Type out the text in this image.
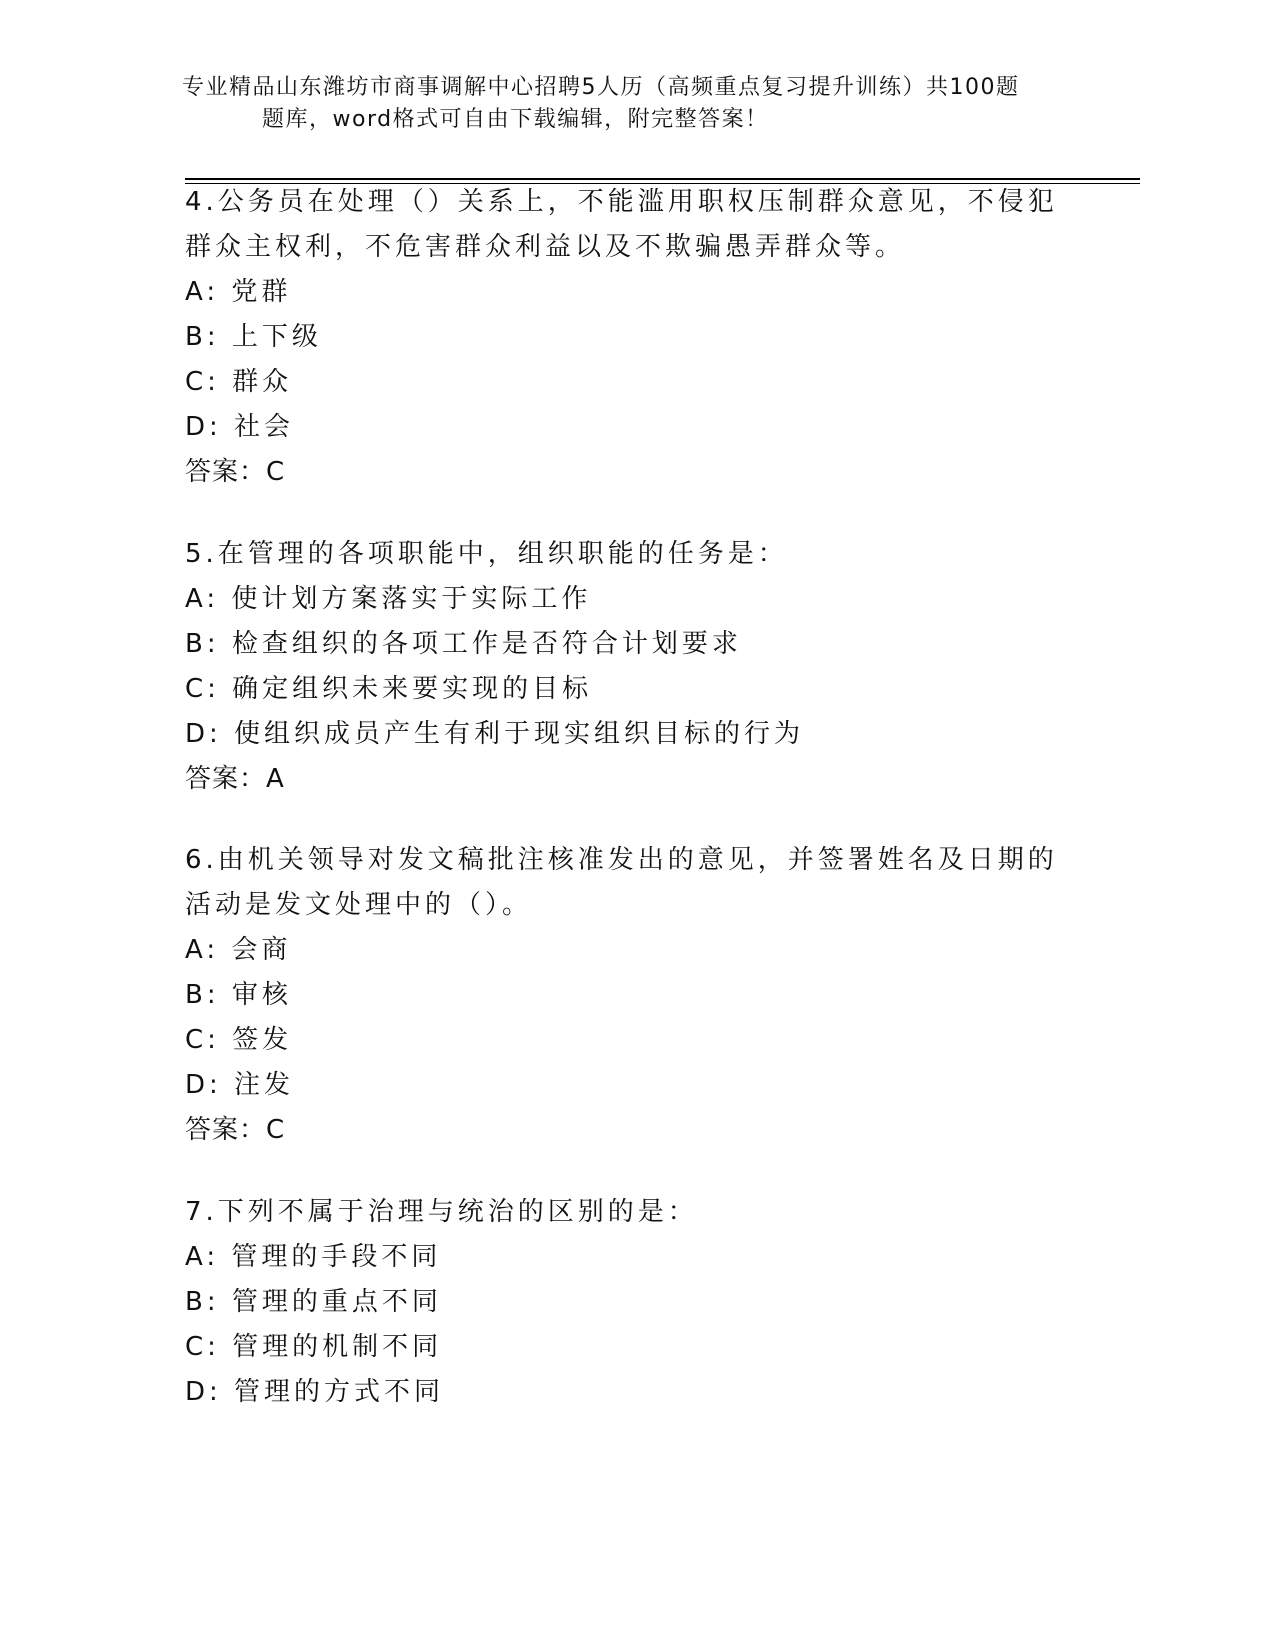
专业精品山东潍坊市商事调解中心招聘5人历（高频重点复习提升训练）共100题
题库，word格式可自由下载编辑，附完整答案！
4.公务员在处理（）关系上，不能滥用职权压制群众意见，不侵犯群众主权利，不危害群众利益以及不欺骗愚弄群众等。
A: 党群
B: 上下级
C: 群众
D: 社会
答案：C
5.在管理的各项职能中，组织职能的任务是：
A: 使计划方案落实于实际工作
B: 检查组织的各项工作是否符合计划要求
C: 确定组织未来要实现的目标
D: 使组织成员产生有利于现实组织目标的行为
答案：A
6.由机关领导对发文稿批注核准发出的意见，并签署姓名及日期的活动是发文处理中的（）。
A: 会商
B: 审核
C: 签发
D: 注发
答案：C
7.下列不属于治理与统治的区别的是：
A: 管理的手段不同
B: 管理的重点不同
C: 管理的机制不同
D: 管理的方式不同
